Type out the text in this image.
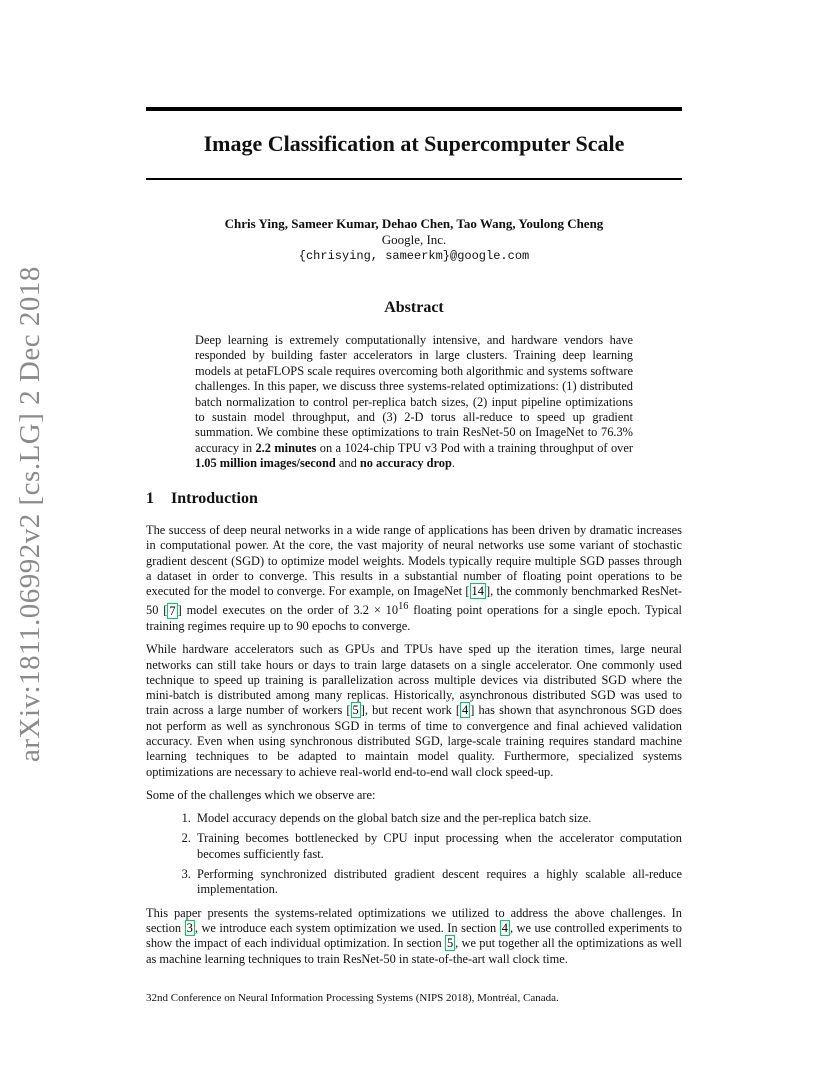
arXiv:1811.06992v2 [cs.LG] 2 Dec 2018
Image Classification at Supercomputer Scale
Chris Ying, Sameer Kumar, Dehao Chen, Tao Wang, Youlong Cheng
Google, Inc.
{chrisying, sameerkm}@google.com
Abstract
Deep learning is extremely computationally intensive, and hardware vendors have responded by building faster accelerators in large clusters. Training deep learning models at petaFLOPS scale requires overcoming both algorithmic and systems software challenges. In this paper, we discuss three systems-related optimizations: (1) distributed batch normalization to control per-replica batch sizes, (2) input pipeline optimizations to sustain model throughput, and (3) 2-D torus all-reduce to speed up gradient summation. We combine these optimizations to train ResNet-50 on ImageNet to 76.3% accuracy in 2.2 minutes on a 1024-chip TPU v3 Pod with a training throughput of over 1.05 million images/second and no accuracy drop.
1 Introduction

The success of deep neural networks in a wide range of applications has been driven by dramatic increases in computational power. At the core, the vast majority of neural networks use some variant of stochastic gradient descent (SGD) to optimize model weights. Models typically require multiple SGD passes through a dataset in order to converge. This results in a substantial number of floating point operations to be executed for the model to converge. For example, on ImageNet [ 14 ], the commonly benchmarked ResNet-50 [ 7 ] model executes on the order of $3.2 \times 10^{16}$ floating point operations for a single epoch. Typical training regimes require up to 90 epochs to converge.

While hardware accelerators such as GPUs and TPUs have sped up the iteration times, large neural networks can still take hours or days to train large datasets on a single accelerator. One commonly used technique to speed up training is parallelization across multiple devices via distributed SGD where the mini-batch is distributed among many replicas. Historically, asynchronous distributed SGD was used to train across a large number of workers [ 5 ], but recent work [ 4 ] has shown that asynchronous SGD does not perform as well as synchronous SGD in terms of time to convergence and final achieved validation accuracy. Even when using synchronous distributed SGD, large-scale training requires standard machine learning techniques to be adapted to maintain model quality. Furthermore, specialized systems optimizations are necessary to achieve real-world end-to-end wall clock speed-up.

Some of the challenges which we observe are:

1. Model accuracy depends on the global batch size and the per-replica batch size.
2. Training becomes bottlenecked by CPU input processing when the accelerator computation becomes sufficiently fast.
3. Performing synchronized distributed gradient descent requires a highly scalable all-reduce implementation.

This paper presents the systems-related optimizations we utilized to address the above challenges. In section 3 , we introduce each system optimization we used. In section 4 , we use controlled experiments to show the impact of each individual optimization. In section 5 , we put together all the optimizations as well as machine learning techniques to train ResNet-50 in state-of-the-art wall clock time.

32nd Conference on Neural Information Processing Systems (NIPS 2018), Montréal, Canada.
